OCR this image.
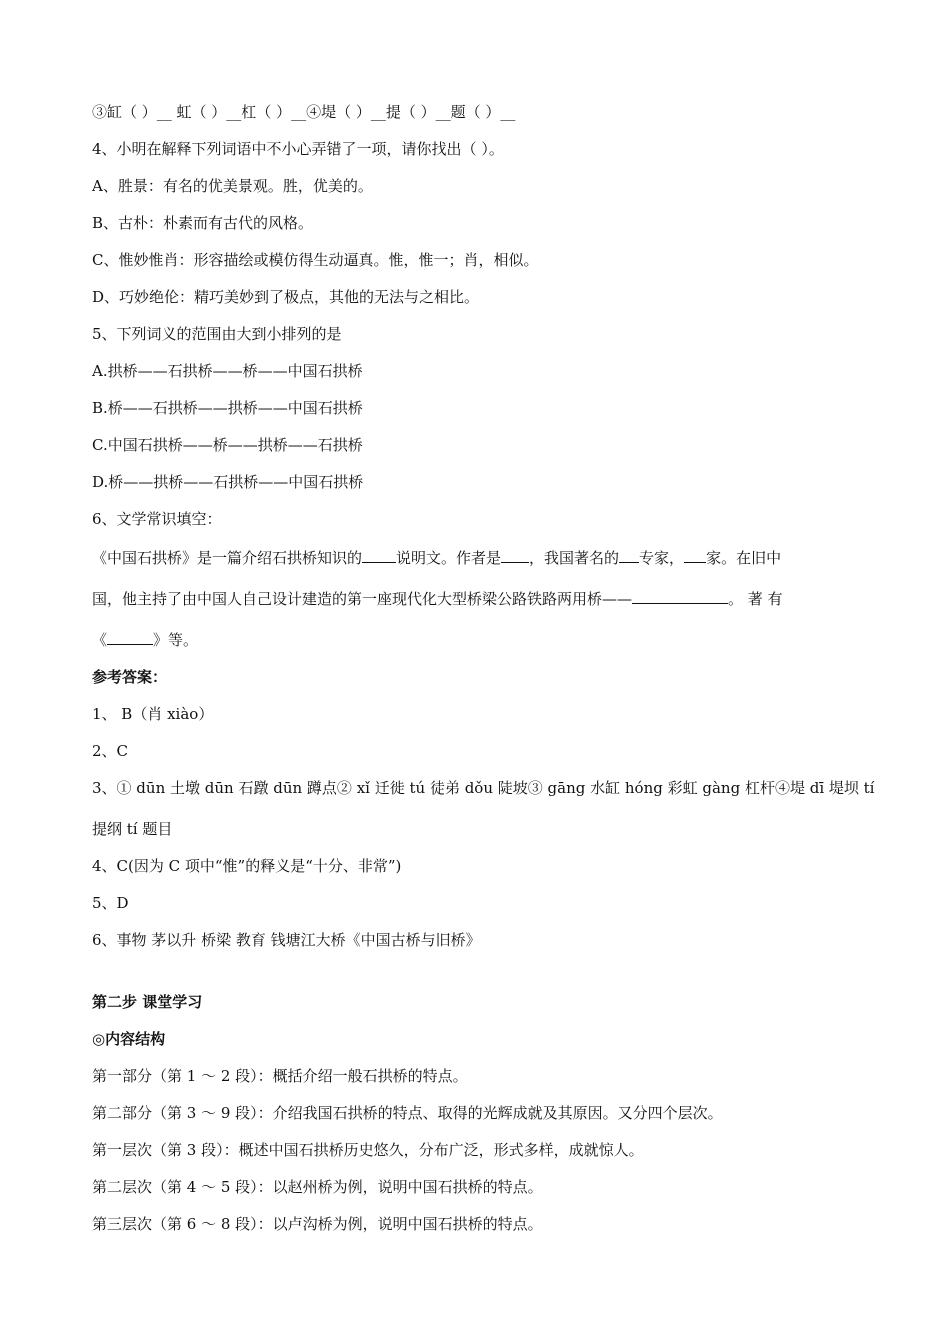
③缸（ ）__ 虹（ ）__杠（ ）__④堤（ ）__提（ ）__题（ ）__
4、小明在解释下列词语中不小心弄错了一项，请你找出（ ）。
A、胜景：有名的优美景观。胜，优美的。
B、古朴：朴素而有古代的风格。
C、惟妙惟肖：形容描绘或模仿得生动逼真。惟，惟一；肖，相似。
D、巧妙绝伦：精巧美妙到了极点，其他的无法与之相比。
5、下列词义的范围由大到小排列的是
A.拱桥——石拱桥——桥——中国石拱桥
B.桥——石拱桥——拱桥——中国石拱桥
C.中国石拱桥——桥——拱桥——石拱桥
D.桥——拱桥——石拱桥——中国石拱桥
6、文学常识填空：
《中国石拱桥》是一篇介绍石拱桥知识的 说明文。作者是 ，我国著名的 专家， 家。在旧中
国，他主持了由中国人自己设计建造的第一座现代化大型桥梁公路铁路两用桥——	。 著 有
《	》等。
参考答案：
1、 B（肖 xiào）
2、C
3、① dūn 土墩 dūn 石蹾 dūn 蹲点② xǐ 迁徙 tú 徒弟 dǒu 陡坡③ gāng 水缸 hóng 彩虹 gàng 杠杆④堤 dī 堤坝 tí
提纲 tí 题目
4、C(因为 C 项中“惟”的释义是“十分、非常”)
5、D
6、事物 茅以升 桥梁 教育 钱塘江大桥《中国古桥与旧桥》
第二步 课堂学习
◎内容结构
第一部分（第 1 ～ 2 段）：概括介绍一般石拱桥的特点。
第二部分（第 3 ～ 9 段）：介绍我国石拱桥的特点、取得的光辉成就及其原因。又分四个层次。
第一层次（第 3 段）：概述中国石拱桥历史悠久，分布广泛，形式多样，成就惊人。
第二层次（第 4 ～ 5 段）：以赵州桥为例，说明中国石拱桥的特点。
第三层次（第 6 ～ 8 段）：以卢沟桥为例，说明中国石拱桥的特点。
